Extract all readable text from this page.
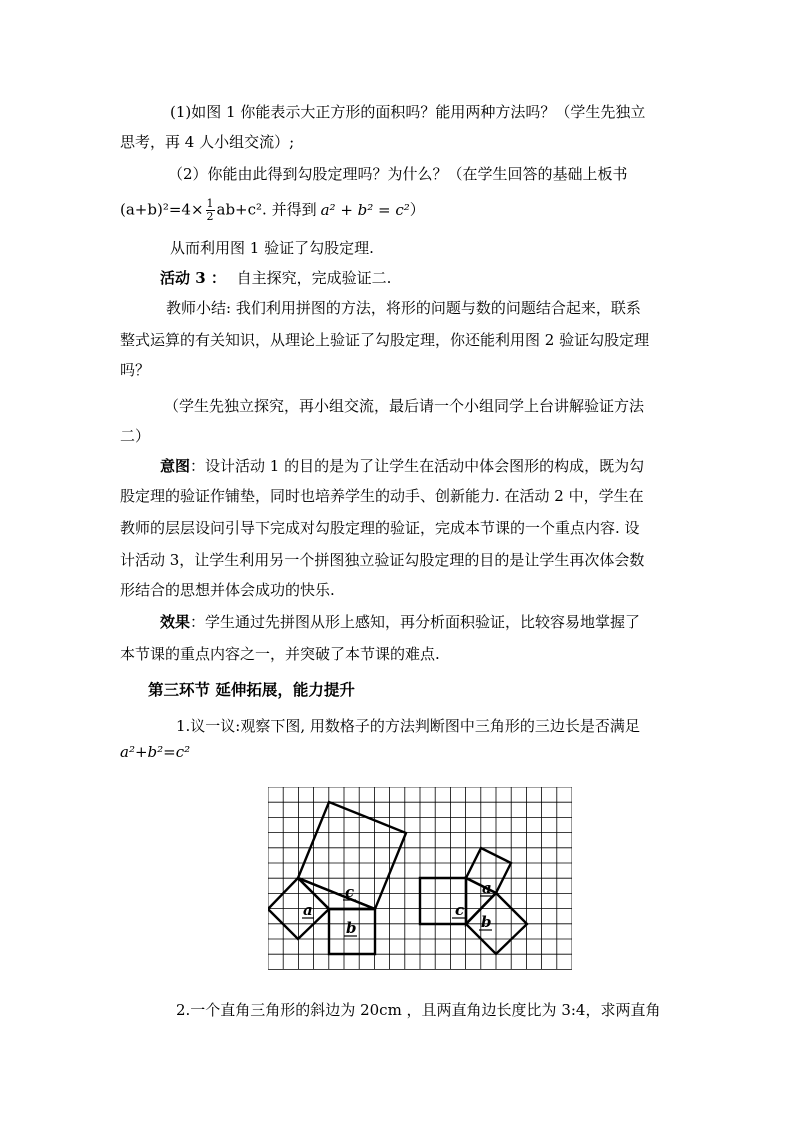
(1)如图 1 你能表示大正方形的面积吗？能用两种方法吗？（学生先独立
思考，再 4 人小组交流）;
（2）你能由此得到勾股定理吗？为什么？（在学生回答的基础上板书
$(a+b)^2=4\times \frac{1}{2} ab+c^2$. 并得到 a² + b² = c²）
从而利用图 1 验证了勾股定理.
活动 3 ： 自主探究，完成验证二.
教师小结: 我们利用拼图的方法，将形的问题与数的问题结合起来，联系
整式运算的有关知识，从理论上验证了勾股定理，你还能利用图 2 验证勾股定理
吗？
（学生先独立探究，再小组交流，最后请一个小组同学上台讲解验证方法
二）
意图：设计活动 1 的目的是为了让学生在活动中体会图形的构成，既为勾
股定理的验证作铺垫，同时也培养学生的动手、创新能力. 在活动 2 中，学生在
教师的层层设问引导下完成对勾股定理的验证，完成本节课的一个重点内容. 设
计活动 3，让学生利用另一个拼图独立验证勾股定理的目的是让学生再次体会数
形结合的思想并体会成功的快乐.
效果：学生通过先拼图从形上感知，再分析面积验证，比较容易地掌握了
本节课的重点内容之一，并突破了本节课的难点.
第三环节 延伸拓展，能力提升
1.议一议:观察下图, 用数格子的方法判断图中三角形的三边长是否满足
a²+b²=c²
a
c
b
c
a
b
2.一个直角三角形的斜边为 20cm ，且两直角边长度比为 3:4，求两直角
